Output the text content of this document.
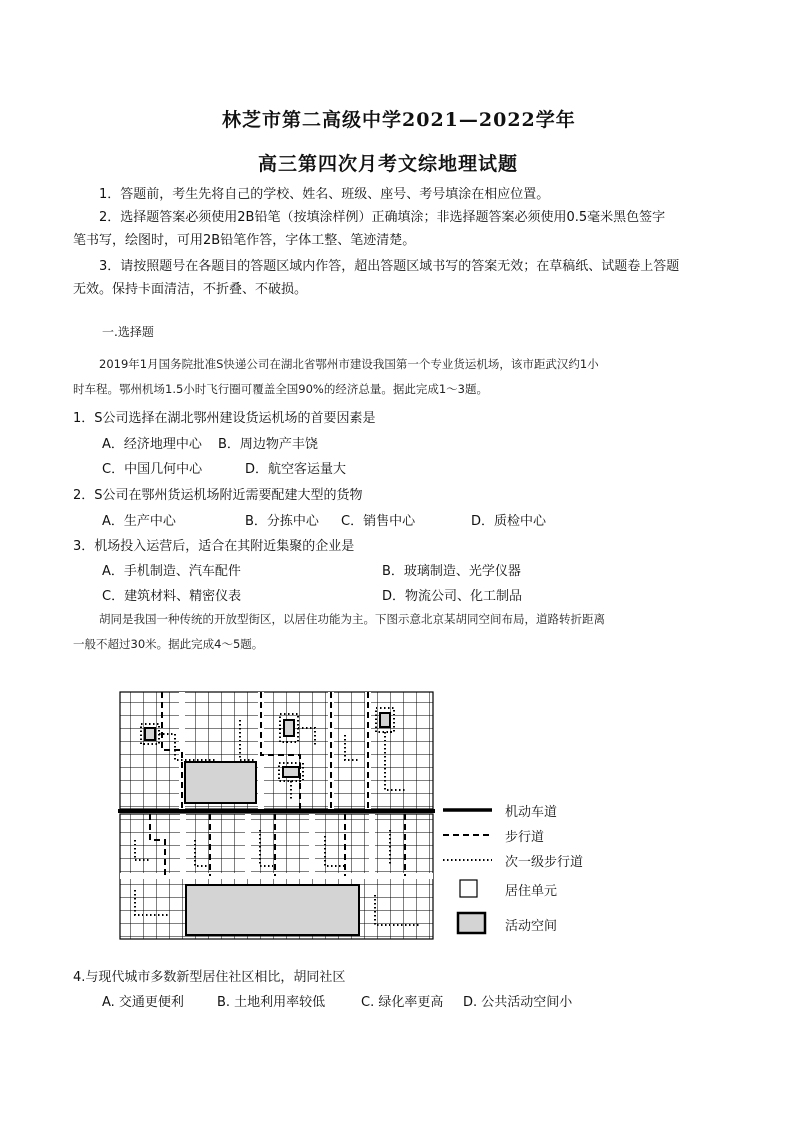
林芝市第二高级中学2021—2022学年
高三第四次月考文综地理试题
1．答题前，考生先将自己的学校、姓名、班级、座号、考号填涂在相应位置。
2．选择题答案必须使用2B铅笔（按填涂样例）正确填涂；非选择题答案必须使用0.5毫米黑色签字
笔书写，绘图时，可用2B铅笔作答，字体工整、笔迹清楚。
3．请按照题号在各题目的答题区域内作答，超出答题区域书写的答案无效；在草稿纸、试题卷上答题
无效。保持卡面清洁，不折叠、不破损。
一.选择题
2019年1月国务院批准S快递公司在湖北省鄂州市建设我国第一个专业货运机场，该市距武汉约1小
时车程。鄂州机场1.5小时飞行圈可覆盖全国90%的经济总量。据此完成1～3题。
1．S公司选择在湖北鄂州建设货运机场的首要因素是
A．经济地理中心 B．周边物产丰饶
C．中国几何中心	D．航空客运量大
2．S公司在鄂州货运机场附近需要配建大型的货物
A．生产中心	B．分拣中心 C．销售中心	D．质检中心
3．机场投入运营后，适合在其附近集聚的企业是
A．手机制造、汽车配件	B．玻璃制造、光学仪器
C．建筑材料、精密仪表	D．物流公司、化工制品
胡同是我国一种传统的开放型街区，以居住功能为主。下图示意北京某胡同空间布局，道路转折距离
一般不超过30米。据此完成4～5题。
机动车道
步行道
次一级步行道
居住单元
活动空间
4.与现代城市多数新型居住社区相比，胡同社区
A. 交通更便利	B. 土地利用率较低	C. 绿化率更高 D. 公共活动空间小
